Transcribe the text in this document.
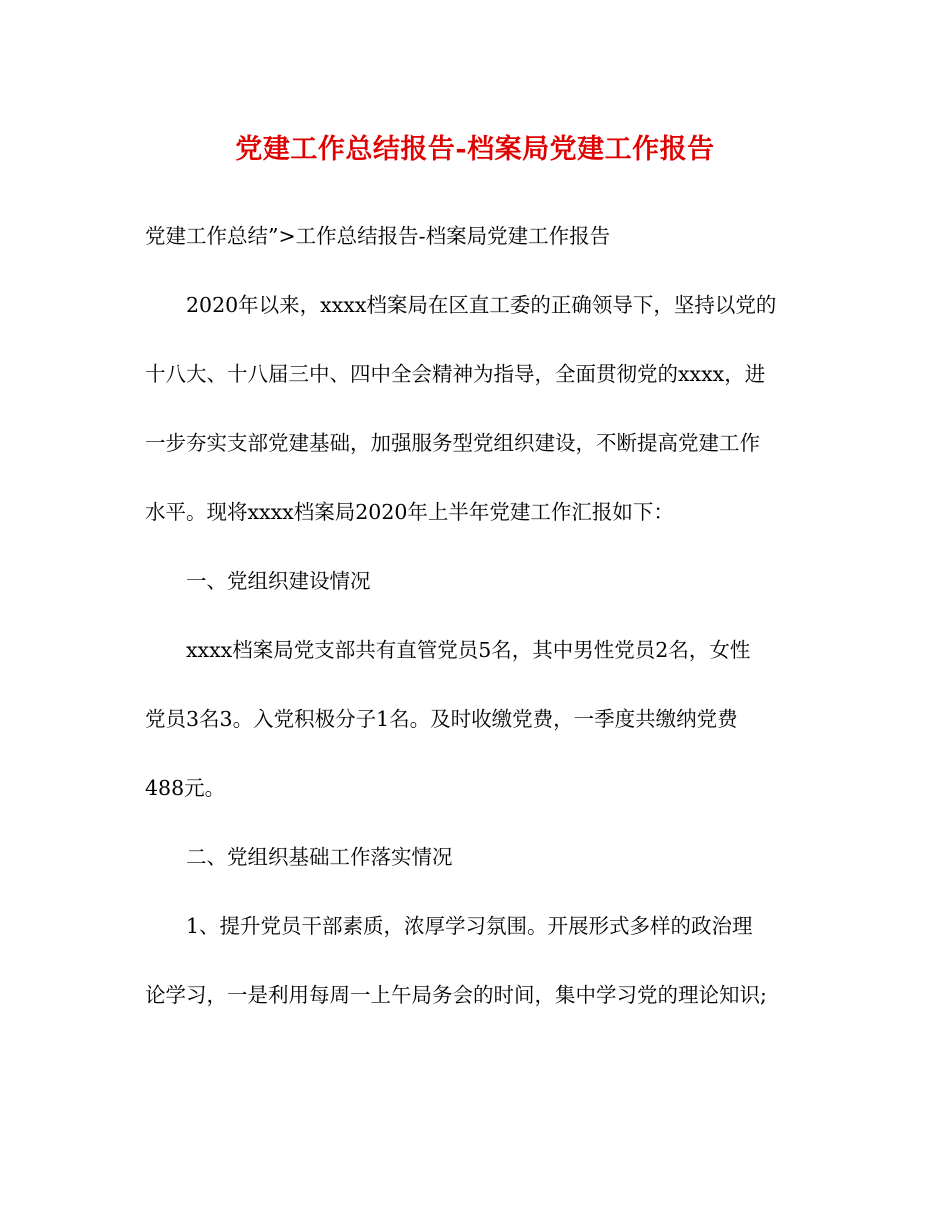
党建工作总结报告-档案局党建工作报告
党建工作总结”>工作总结报告-档案局党建工作报告
2020年以来，xxxx档案局在区直工委的正确领导下，坚持以党的
十八大、十八届三中、四中全会精神为指导，全面贯彻党的xxxx，进
一步夯实支部党建基础，加强服务型党组织建设，不断提高党建工作
水平。现将xxxx档案局2020年上半年党建工作汇报如下：
一、党组织建设情况
xxxx档案局党支部共有直管党员5名，其中男性党员2名，女性
党员3名3。入党积极分子1名。及时收缴党费，一季度共缴纳党费
488元。
二、党组织基础工作落实情况
1、提升党员干部素质，浓厚学习氛围。开展形式多样的政治理
论学习，一是利用每周一上午局务会的时间，集中学习党的理论知识;
